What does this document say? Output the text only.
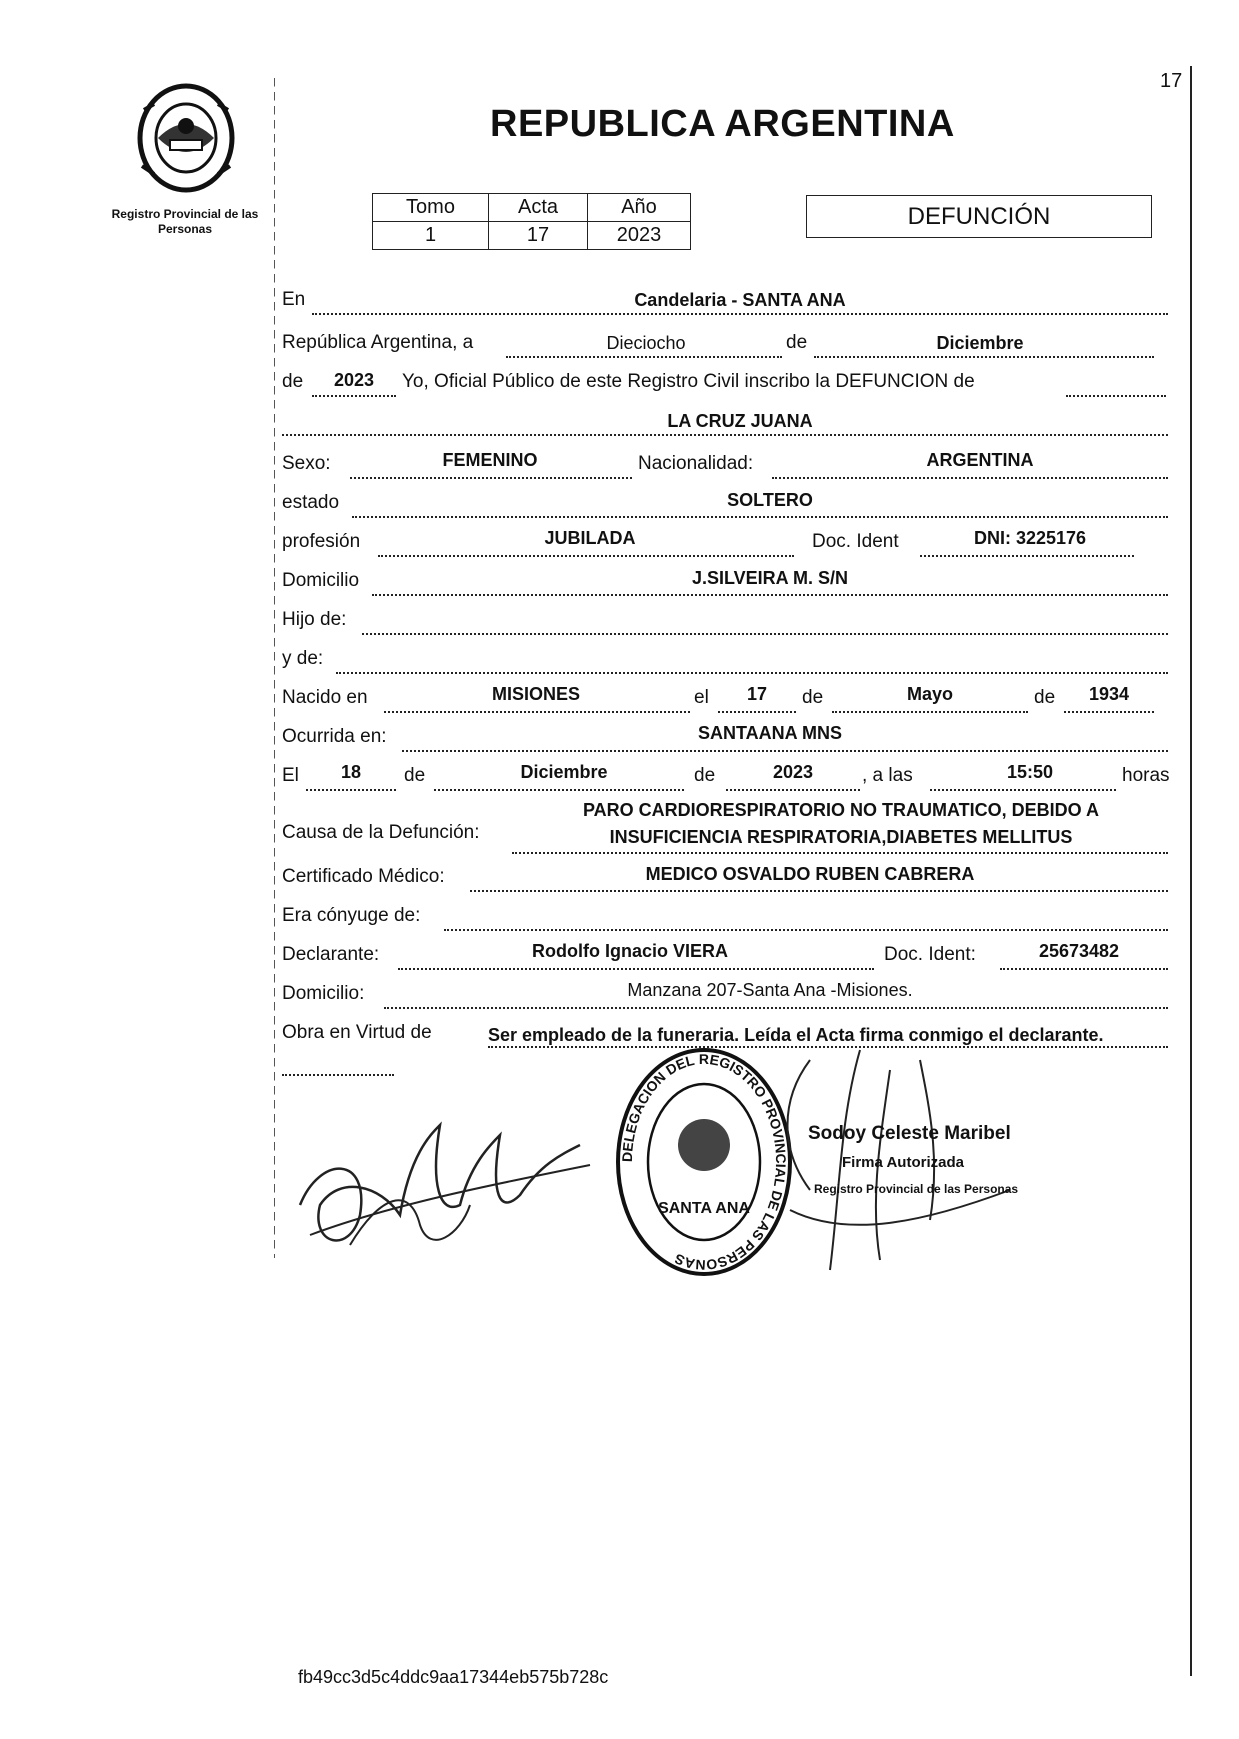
17
Registro Provincial de las Personas
REPUBLICA ARGENTINA
Tomo	Acta	Año
1	17	2023
DEFUNCIÓN
En	Candelaria - SANTA ANA
República Argentina, a	Dieciocho	de	Diciembre
de	2023	Yo, Oficial Público de este Registro Civil inscribo la DEFUNCION de
LA CRUZ JUANA
Sexo:	FEMENINO	Nacionalidad:	ARGENTINA
estado	SOLTERO
profesión	JUBILADA	Doc. Ident	DNI: 3225176
Domicilio	J.SILVEIRA M. S/N
Hijo de:
y de:
Nacido en	MISIONES	el	17	de	Mayo	de	1934
Ocurrida en:	SANTAANA MNS
El	18	de	Diciembre	de	2023	, a las	15:50	horas
Causa de la Defunción:
PARO CARDIORESPIRATORIO NO TRAUMATICO, DEBIDO A
INSUFICIENCIA RESPIRATORIA,DIABETES MELLITUS
Certificado Médico:	MEDICO OSVALDO RUBEN CABRERA
Era cónyuge de:
Declarante:	Rodolfo Ignacio VIERA	Doc. Ident:	25673482
Domicilio:	Manzana 207-Santa Ana -Misiones.
Obra en Virtud de	Ser empleado de la funeraria. Leída el Acta firma conmigo el declarante.
DELEGACION DEL REGISTRO PROVINCIAL DE LAS PERSONAS
SANTA ANA
Sodoy Celeste Maribel
Firma Autorizada
Registro Provincial de las Personas
fb49cc3d5c4ddc9aa17344eb575b728c
